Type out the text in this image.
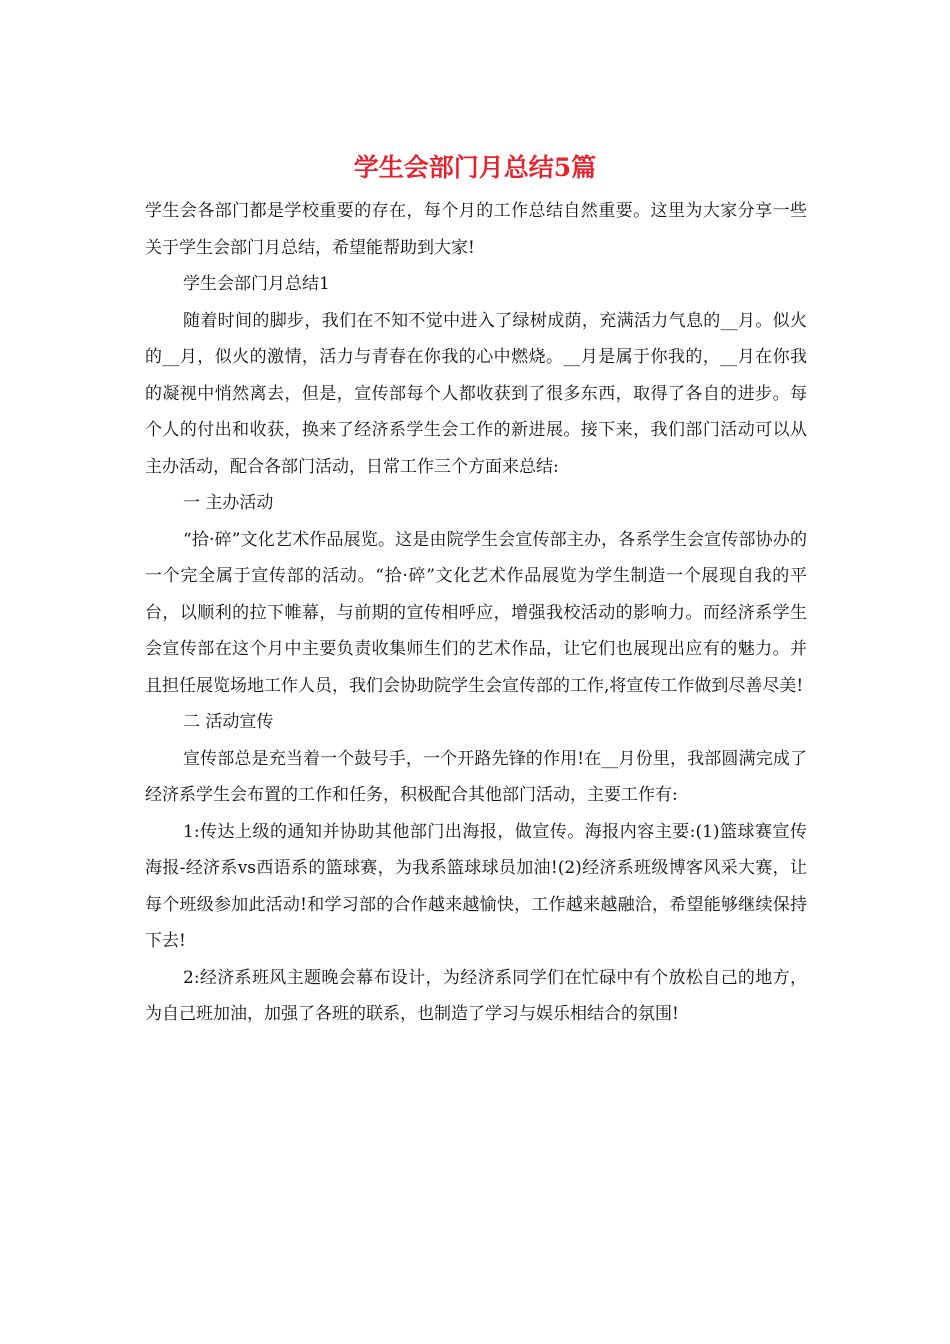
学生会部门月总结5篇

学生会各部门都是学校重要的存在，每个月的工作总结自然重要。这里为大家分享一些关于学生会部门月总结，希望能帮助到大家!

学生会部门月总结1

随着时间的脚步，我们在不知不觉中进入了绿树成荫，充满活力气息的__月。似火的__月，似火的激情，活力与青春在你我的心中燃烧。__月是属于你我的，__月在你我的凝视中悄然离去，但是，宣传部每个人都收获到了很多东西，取得了各自的进步。每个人的付出和收获，换来了经济系学生会工作的新进展。接下来，我们部门活动可以从主办活动，配合各部门活动，日常工作三个方面来总结:

一 主办活动

“拾·碎”文化艺术作品展览。这是由院学生会宣传部主办，各系学生会宣传部协办的一个完全属于宣传部的活动。“拾·碎”文化艺术作品展览为学生制造一个展现自我的平台，以顺利的拉下帷幕，与前期的宣传相呼应，增强我校活动的影响力。而经济系学生会宣传部在这个月中主要负责收集师生们的艺术作品，让它们也展现出应有的魅力。并且担任展览场地工作人员，我们会协助院学生会宣传部的工作,将宣传工作做到尽善尽美!

二 活动宣传

宣传部总是充当着一个鼓号手，一个开路先锋的作用!在__月份里，我部圆满完成了经济系学生会布置的工作和任务，积极配合其他部门活动，主要工作有:

1:传达上级的通知并协助其他部门出海报，做宣传。海报内容主要:(1)篮球赛宣传海报-经济系vs西语系的篮球赛，为我系篮球球员加油!(2)经济系班级博客风采大赛，让每个班级参加此活动!和学习部的合作越来越愉快，工作越来越融洽，希望能够继续保持下去!

2:经济系班风主题晚会幕布设计，为经济系同学们在忙碌中有个放松自己的地方，为自己班加油，加强了各班的联系，也制造了学习与娱乐相结合的氛围!
